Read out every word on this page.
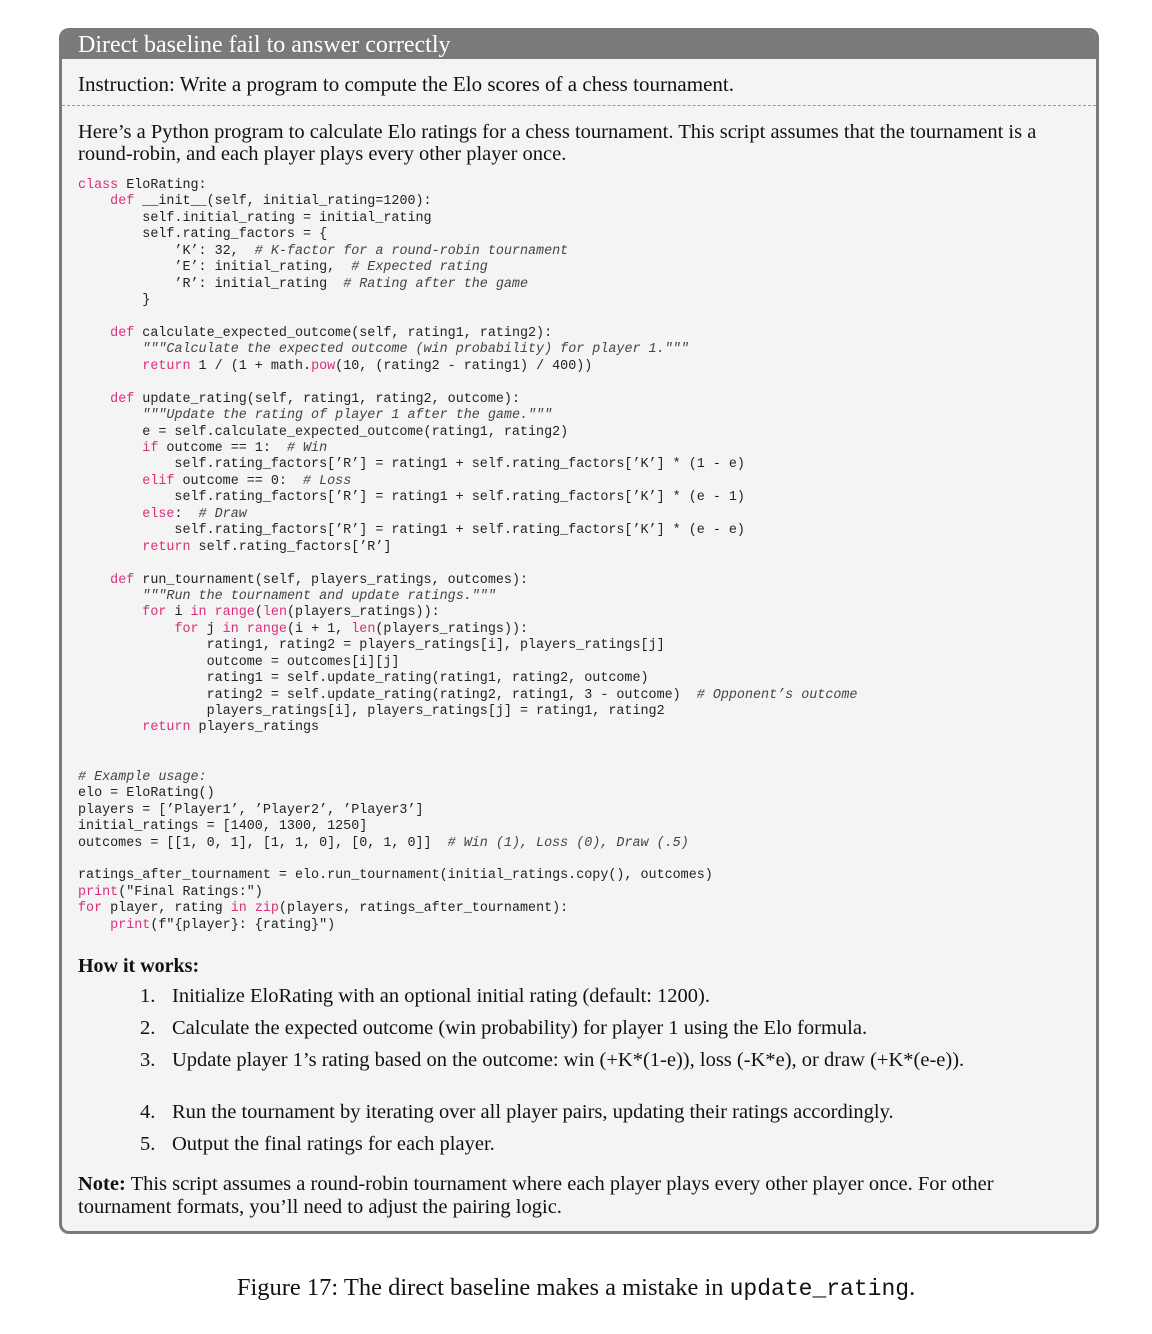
Direct baseline fail to answer correctly
Instruction: Write a program to compute the Elo scores of a chess tournament.
Here’s a Python program to calculate Elo ratings for a chess tournament. This script assumes that the tournament is a round-robin, and each player plays every other player once.
class EloRating:
def __init__(self, initial_rating=1200):
self.initial_rating = initial_rating
self.rating_factors = {
’K’: 32,  # K-factor for a round-robin tournament
’E’: initial_rating,  # Expected rating
’R’: initial_rating  # Rating after the game
}
def calculate_expected_outcome(self, rating1, rating2):
"""Calculate the expected outcome (win probability) for player 1."""
return 1 / (1 + math.pow(10, (rating2 - rating1) / 400))
def update_rating(self, rating1, rating2, outcome):
"""Update the rating of player 1 after the game."""
e = self.calculate_expected_outcome(rating1, rating2)
if outcome == 1:  # Win
self.rating_factors[’R’] = rating1 + self.rating_factors[’K’] * (1 - e)
elif outcome == 0:  # Loss
self.rating_factors[’R’] = rating1 + self.rating_factors[’K’] * (e - 1)
else:  # Draw
self.rating_factors[’R’] = rating1 + self.rating_factors[’K’] * (e - e)
return self.rating_factors[’R’]
def run_tournament(self, players_ratings, outcomes):
"""Run the tournament and update ratings."""
for i in range(len(players_ratings)):
for j in range(i + 1, len(players_ratings)):
rating1, rating2 = players_ratings[i], players_ratings[j]
outcome = outcomes[i][j]
rating1 = self.update_rating(rating1, rating2, outcome)
rating2 = self.update_rating(rating2, rating1, 3 - outcome)  # Opponent’s outcome
players_ratings[i], players_ratings[j] = rating1, rating2
return players_ratings
# Example usage:
elo = EloRating()
players = [’Player1’, ’Player2’, ’Player3’]
initial_ratings = [1400, 1300, 1250]
outcomes = [[1, 0, 1], [1, 1, 0], [0, 1, 0]]  # Win (1), Loss (0), Draw (.5)
ratings_after_tournament = elo.run_tournament(initial_ratings.copy(), outcomes)
print("Final Ratings:")
for player, rating in zip(players, ratings_after_tournament):
print(f"{player}: {rating}")
How it works:
1. Initialize EloRating with an optional initial rating (default: 1200).
2. Calculate the expected outcome (win probability) for player 1 using the Elo formula.
3. Update player 1’s rating based on the outcome: win (+K*(1-e)), loss (-K*e), or draw (+K*(e-e)).
4. Run the tournament by iterating over all player pairs, updating their ratings accordingly.
5. Output the final ratings for each player.
Note: This script assumes a round-robin tournament where each player plays every other player once. For other tournament formats, you’ll need to adjust the pairing logic.
Figure 17: The direct baseline makes a mistake in update_rating.
